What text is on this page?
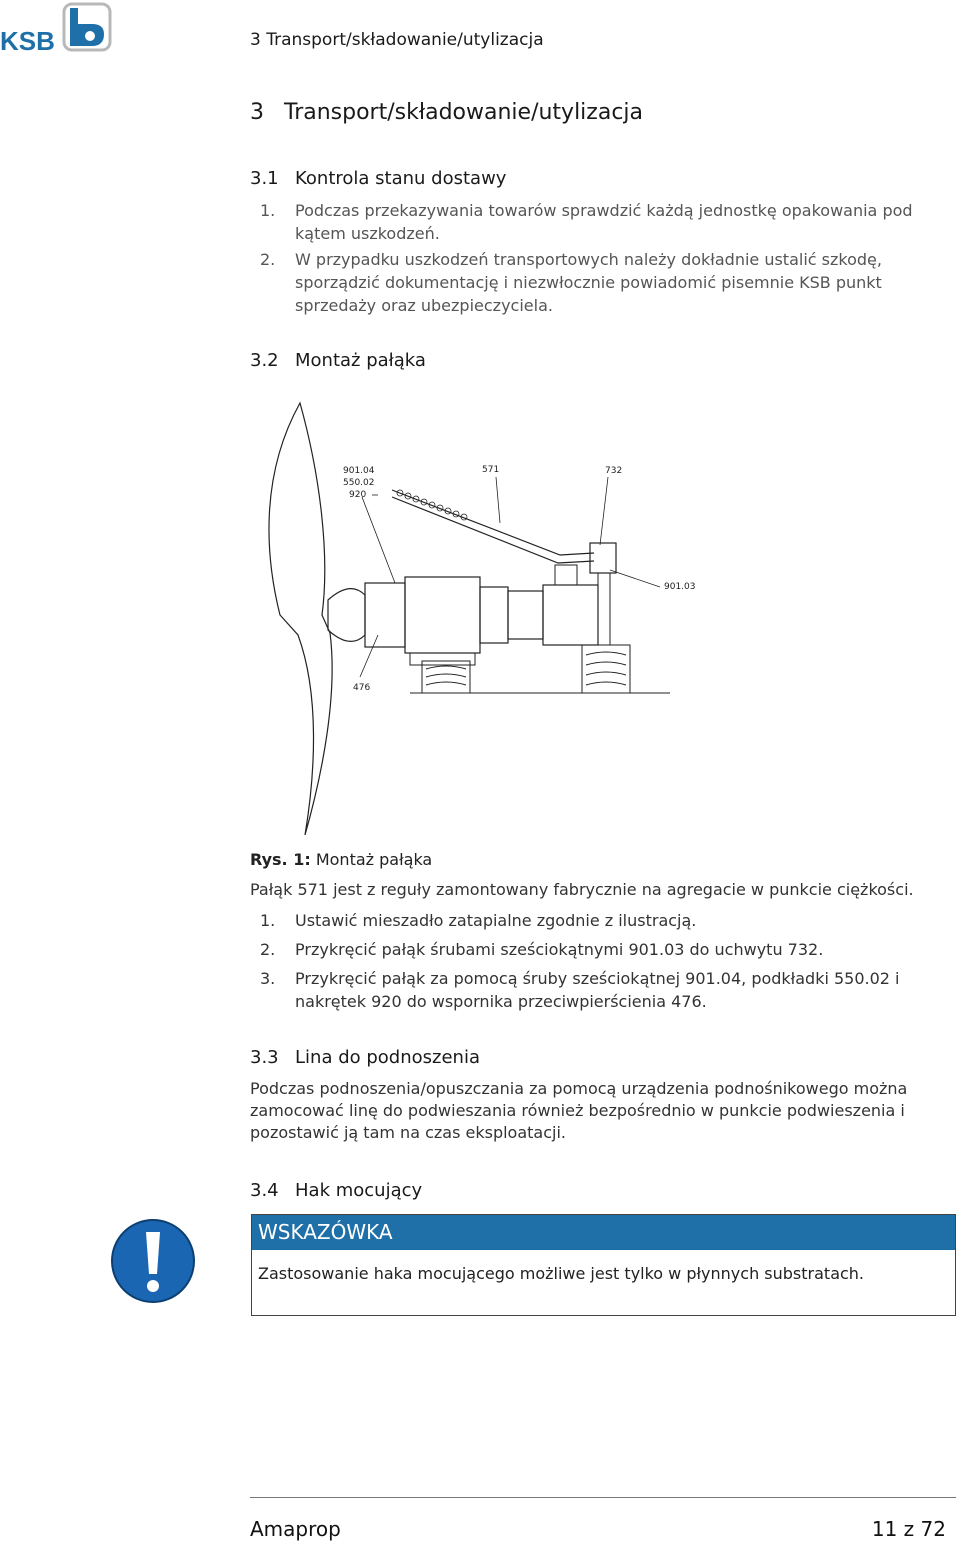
KSB	3 Transport/składowanie/utylizacja
3 Transport/składowanie/utylizacja
3.1 Kontrola stanu dostawy
1. Podczas przekazywania towarów sprawdzić każdą jednostkę opakowania pod kątem uszkodzeń.
2. W przypadku uszkodzeń transportowych należy dokładnie ustalić szkodę, sporządzić dokumentację i niezwłocznie powiadomić pisemnie KSB punkt sprzedaży oraz ubezpieczyciela.
3.2 Montaż pałąka
901.04
550.02
920
571	732
901.03
476
Rys. 1: Montaż pałąka
Pałąk 571 jest z reguły zamontowany fabrycznie na agregacie w punkcie ciężkości.
1. Ustawić mieszadło zatapialne zgodnie z ilustracją.
2. Przykręcić pałąk śrubami sześciokątnymi 901.03 do uchwytu 732.
3. Przykręcić pałąk za pomocą śruby sześciokątnej 901.04, podkładki 550.02 i nakrętek 920 do wspornika przeciwpierścienia 476.
3.3 Lina do podnoszenia
Podczas podnoszenia/opuszczania za pomocą urządzenia podnośnikowego można zamocować linę do podwieszania również bezpośrednio w punkcie podwieszenia i pozostawić ją tam na czas eksploatacji.
3.4 Hak mocujący
WSKAZÓWKA
Zastosowanie haka mocującego możliwe jest tylko w płynnych substratach.
Amaprop	11 z 72
